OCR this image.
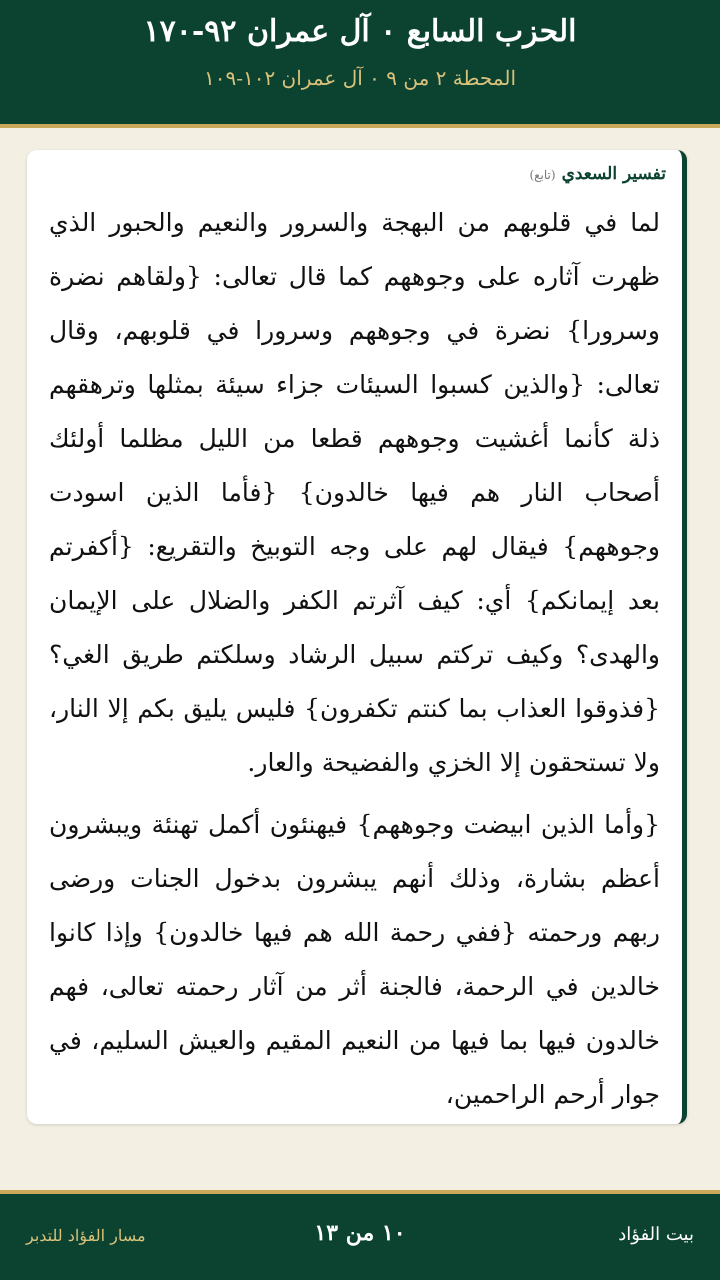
الحزب السابع ٠ آل عمران ٩٢-١٧٠
المحطة ٢ من ٩ ٠ آل عمران ١٠٢-١٠٩
تفسير السعدي(تابع)

لما في قلوبهم من البهجة والسرور والنعيم والحبور الذي ظهرت آثاره على وجوههم كما قال تعالى: {ولقاهم نضرة وسرورا} نضرة في وجوههم وسرورا في قلوبهم، وقال تعالى: {والذين كسبوا السيئات جزاء سيئة بمثلها وترهقهم ذلة كأنما أغشيت وجوههم قطعا من الليل مظلما أولئك أصحاب النار هم فيها خالدون} {فأما الذين اسودت وجوههم} فيقال لهم على وجه التوبيخ والتقريع: {أكفرتم بعد إيمانكم} أي: كيف آثرتم الكفر والضلال على الإيمان والهدى؟ وكيف تركتم سبيل الرشاد وسلكتم طريق الغي؟ {فذوقوا العذاب بما كنتم تكفرون} فليس يليق بكم إلا النار، ولا تستحقون إلا الخزي والفضيحة والعار.

{وأما الذين ابيضت وجوههم} فيهنئون أكمل تهنئة ويبشرون أعظم بشارة، وذلك أنهم يبشرون بدخول الجنات ورضى ربهم ورحمته {ففي رحمة الله هم فيها خالدون} وإذا كانوا خالدين في الرحمة، فالجنة أثر من آثار رحمته تعالى، فهم خالدون فيها بما فيها من النعيم المقيم والعيش السليم، في جوار أرحم الراحمين،

بيت الفؤاد
١٠ من ١٣
مسار الفؤاد للتدبر
